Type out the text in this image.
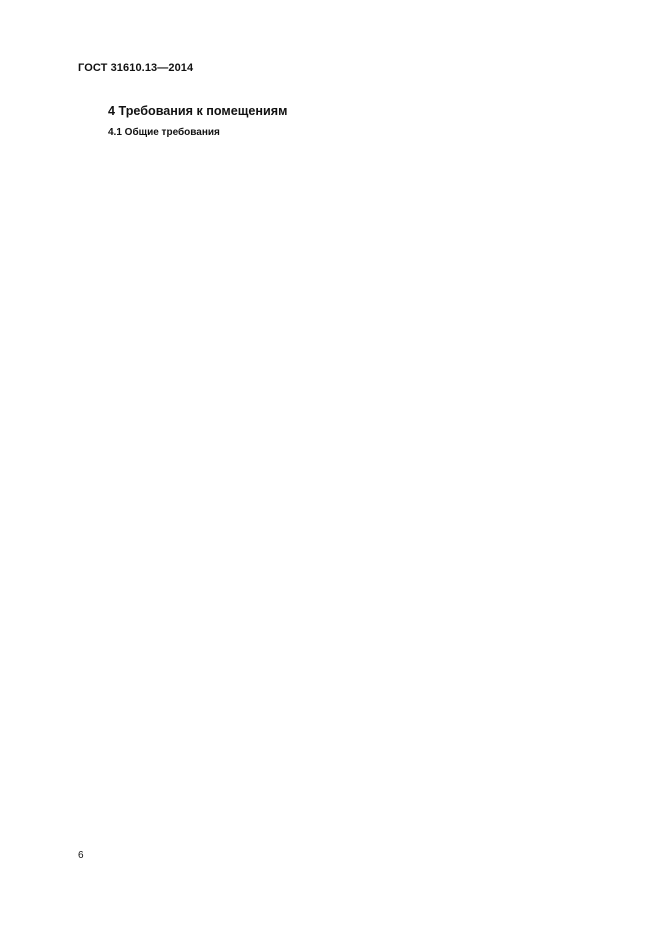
ГОСТ 31610.13—2014
4 Требования к помещениям
4.1 Общие требования
6
